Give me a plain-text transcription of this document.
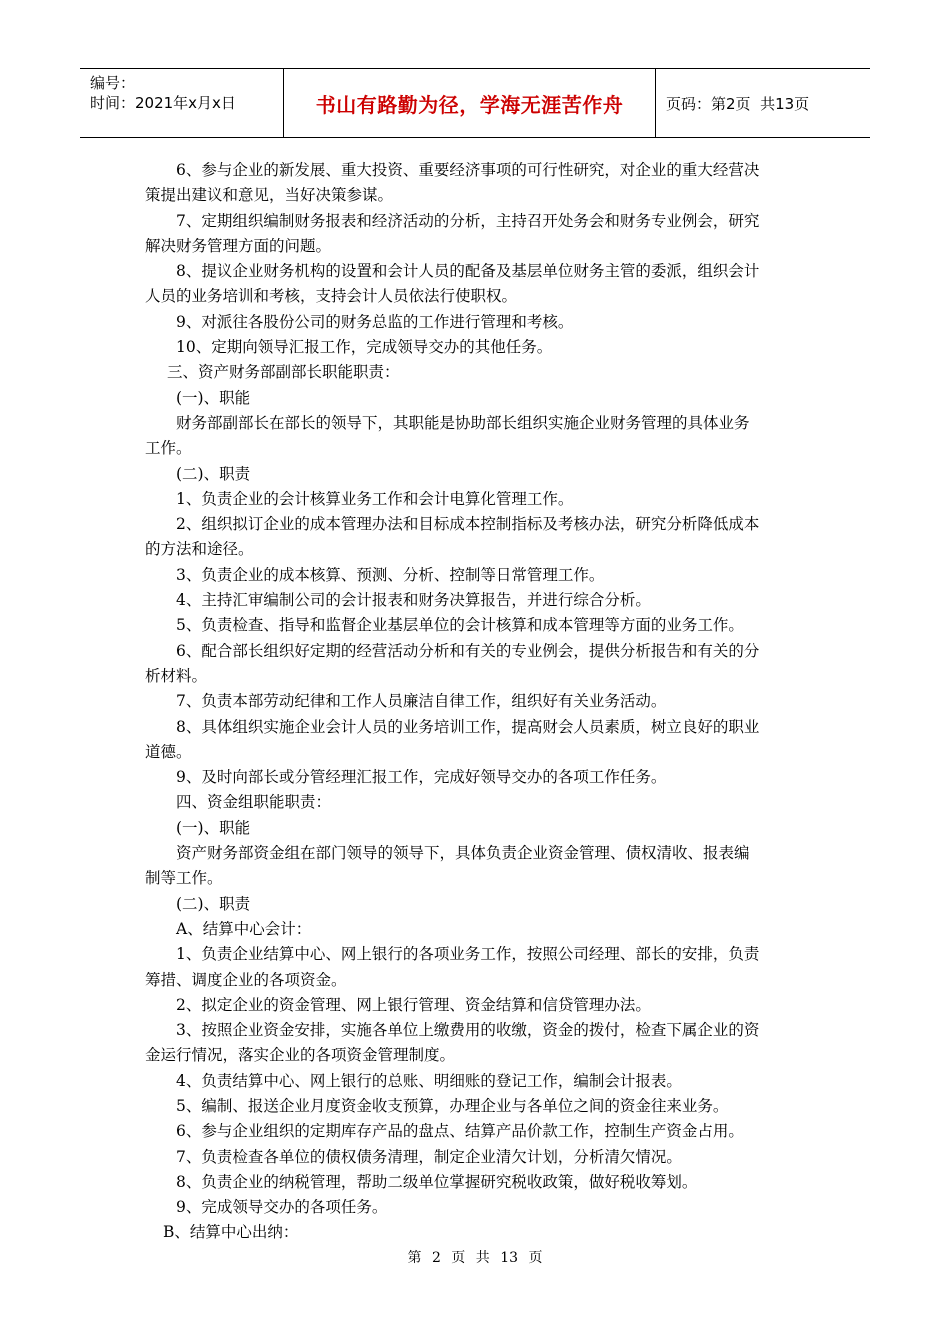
编号：
时间：2021年x月x日	书山有路勤为径，学海无涯苦作舟	页码：第2页  共13页
6、参与企业的新发展、重大投资、重要经济事项的可行性研究，对企业的重大经营决
策提出建议和意见，当好决策参谋。
7、定期组织编制财务报表和经济活动的分析，主持召开处务会和财务专业例会，研究
解决财务管理方面的问题。
8、提议企业财务机构的设置和会计人员的配备及基层单位财务主管的委派，组织会计
人员的业务培训和考核，支持会计人员依法行使职权。
9、对派往各股份公司的财务总监的工作进行管理和考核。
10、定期向领导汇报工作，完成领导交办的其他任务。
三、资产财务部副部长职能职责：
(一)、职能
财务部副部长在部长的领导下，其职能是协助部长组织实施企业财务管理的具体业务
工作。
(二)、职责
1、负责企业的会计核算业务工作和会计电算化管理工作。
2、组织拟订企业的成本管理办法和目标成本控制指标及考核办法，研究分析降低成本
的方法和途径。
3、负责企业的成本核算、预测、分析、控制等日常管理工作。
4、主持汇审编制公司的会计报表和财务决算报告，并进行综合分析。
5、负责检查、指导和监督企业基层单位的会计核算和成本管理等方面的业务工作。
6、配合部长组织好定期的经营活动分析和有关的专业例会，提供分析报告和有关的分
析材料。
7、负责本部劳动纪律和工作人员廉洁自律工作，组织好有关业务活动。
8、具体组织实施企业会计人员的业务培训工作，提高财会人员素质，树立良好的职业
道德。
9、及时向部长或分管经理汇报工作，完成好领导交办的各项工作任务。
四、资金组职能职责：
(一)、职能
资产财务部资金组在部门领导的领导下，具体负责企业资金管理、债权清收、报表编
制等工作。
(二)、职责
A、结算中心会计：
1、负责企业结算中心、网上银行的各项业务工作，按照公司经理、部长的安排，负责
筹措、调度企业的各项资金。
2、拟定企业的资金管理、网上银行管理、资金结算和信贷管理办法。
3、按照企业资金安排，实施各单位上缴费用的收缴，资金的拨付，检查下属企业的资
金运行情况，落实企业的各项资金管理制度。
4、负责结算中心、网上银行的总账、明细账的登记工作，编制会计报表。
5、编制、报送企业月度资金收支预算，办理企业与各单位之间的资金往来业务。
6、参与企业组织的定期库存产品的盘点、结算产品价款工作，控制生产资金占用。
7、负责检查各单位的债权债务清理，制定企业清欠计划，分析清欠情况。
8、负责企业的纳税管理，帮助二级单位掌握研究税收政策，做好税收筹划。
9、完成领导交办的各项任务。
B、结算中心出纳：
第 2 页 共 13 页
